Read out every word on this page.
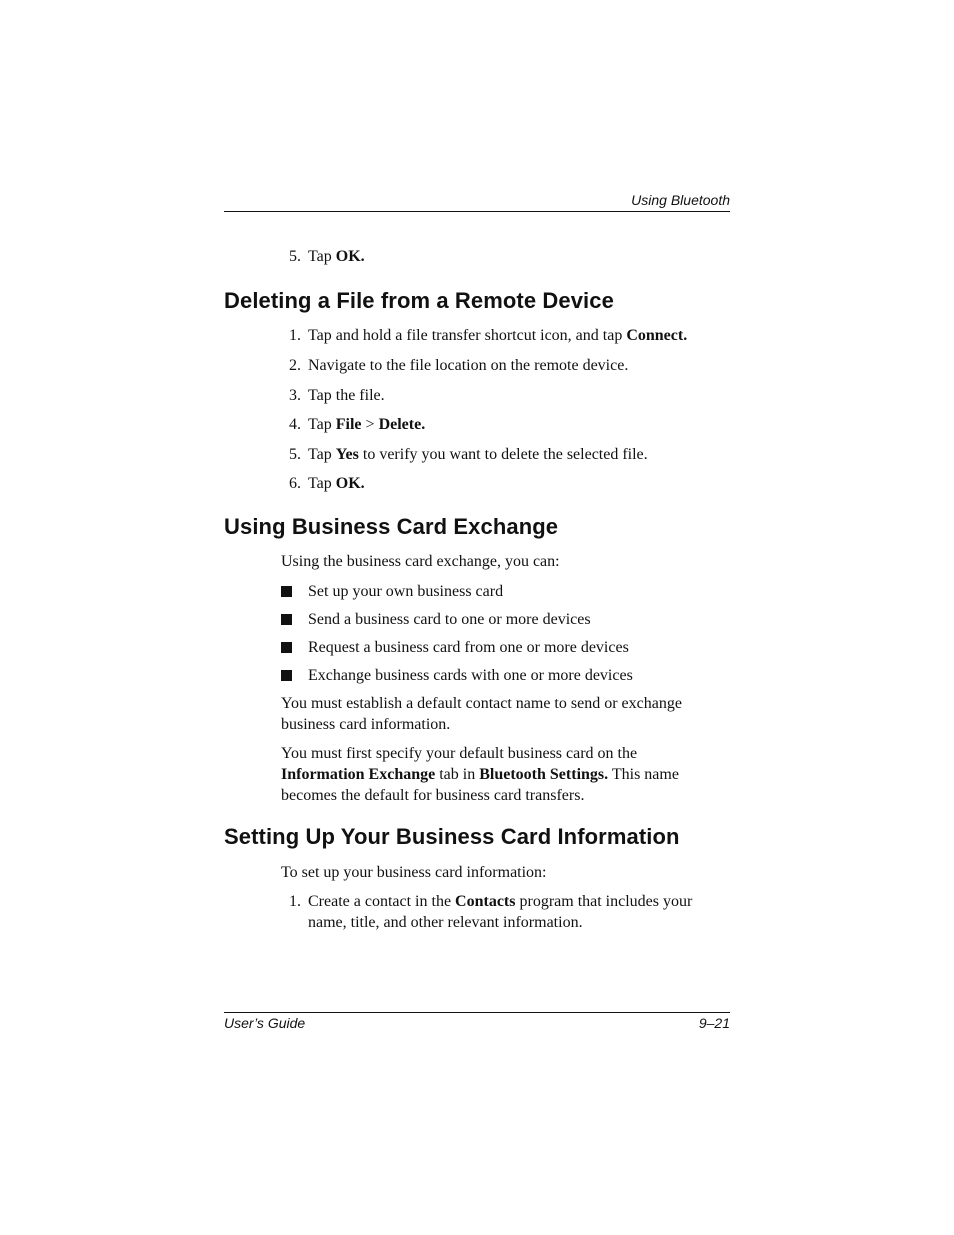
Using Bluetooth
5. Tap OK.
Deleting a File from a Remote Device
1. Tap and hold a file transfer shortcut icon, and tap Connect.
2. Navigate to the file location on the remote device.
3. Tap the file.
4. Tap File > Delete.
5. Tap Yes to verify you want to delete the selected file.
6. Tap OK.
Using Business Card Exchange
Using the business card exchange, you can:
Set up your own business card
Send a business card to one or more devices
Request a business card from one or more devices
Exchange business cards with one or more devices
You must establish a default contact name to send or exchange business card information.
You must first specify your default business card on the Information Exchange tab in Bluetooth Settings. This name becomes the default for business card transfers.
Setting Up Your Business Card Information
To set up your business card information:
1. Create a contact in the Contacts program that includes your name, title, and other relevant information.
User’s Guide	9–21
